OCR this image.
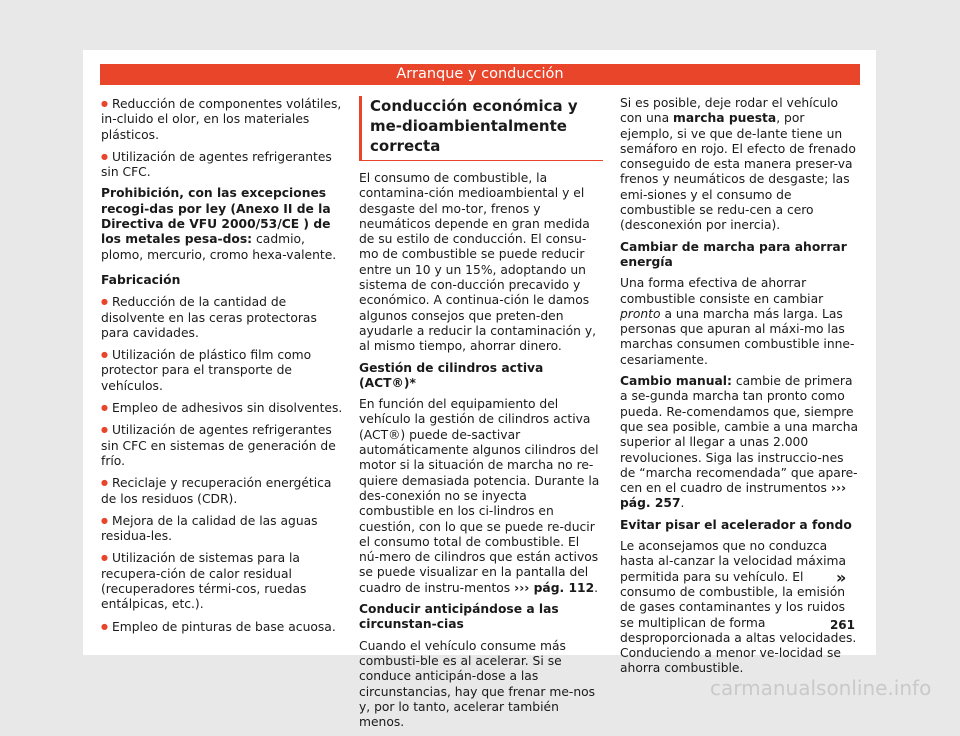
Arranque y conducción

● Reducción de componentes volátiles, in-cluido el olor, en los materiales plásticos.

● Utilización de agentes refrigerantes sin CFC.

Prohibición, con las excepciones recogi-das por ley (Anexo II de la Directiva de VFU 2000/53/CE ) de los metales pesa-dos: cadmio, plomo, mercurio, cromo hexa-valente.

Fabricación

● Reducción de la cantidad de disolvente en las ceras protectoras para cavidades.

● Utilización de plástico film como protector para el transporte de vehículos.

● Empleo de adhesivos sin disolventes.

● Utilización de agentes refrigerantes sin CFC en sistemas de generación de frío.

● Reciclaje y recuperación energética de los residuos (CDR).

● Mejora de la calidad de las aguas residua-les.

● Utilización de sistemas para la recupera-ción de calor residual (recuperadores térmi-cos, ruedas entálpicas, etc.).

● Empleo de pinturas de base acuosa.

Conducción económica y me-dioambientalmente correcta

El consumo de combustible, la contamina-ción medioambiental y el desgaste del mo-tor, frenos y neumáticos depende en gran medida de su estilo de conducción. El consu-mo de combustible se puede reducir entre un 10 y un 15%, adoptando un sistema de con-ducción precavido y económico. A continua-ción le damos algunos consejos que preten-den ayudarle a reducir la contaminación y, al mismo tiempo, ahorrar dinero.

Gestión de cilindros activa (ACT®)*

En función del equipamiento del vehículo la gestión de cilindros activa (ACT®) puede de-sactivar automáticamente algunos cilindros del motor si la situación de marcha no re-quiere demasiada potencia. Durante la des-conexión no se inyecta combustible en los ci-lindros en cuestión, con lo que se puede re-ducir el consumo total de combustible. El nú-mero de cilindros que están activos se puede visualizar en la pantalla del cuadro de instru-mentos ››› pág. 112.

Conducir anticipándose a las circunstan-cias

Cuando el vehículo consume más combusti-ble es al acelerar. Si se conduce anticipán-dose a las circunstancias, hay que frenar me-nos y, por lo tanto, acelerar también menos.

Si es posible, deje rodar el vehículo con una marcha puesta, por ejemplo, si ve que de-lante tiene un semáforo en rojo. El efecto de frenado conseguido de esta manera preser-va frenos y neumáticos de desgaste; las emi-siones y el consumo de combustible se redu-cen a cero (desconexión por inercia).

Cambiar de marcha para ahorrar energía

Una forma efectiva de ahorrar combustible consiste en cambiar pronto a una marcha más larga. Las personas que apuran al máxi-mo las marchas consumen combustible inne-cesariamente.

Cambio manual: cambie de primera a se-gunda marcha tan pronto como pueda. Re-comendamos que, siempre que sea posible, cambie a una marcha superior al llegar a unas 2.000 revoluciones. Siga las instruccio-nes de “marcha recomendada” que apare-cen en el cuadro de instrumentos ››› pág. 257.

Evitar pisar el acelerador a fondo

Le aconsejamos que no conduzca hasta al-canzar la velocidad máxima permitida para su vehículo. El consumo de combustible, la emisión de gases contaminantes y los ruidos se multiplican de forma desproporcionada a altas velocidades. Conduciendo a menor ve-locidad se ahorra combustible.

»
261
carmanualsonline.info
